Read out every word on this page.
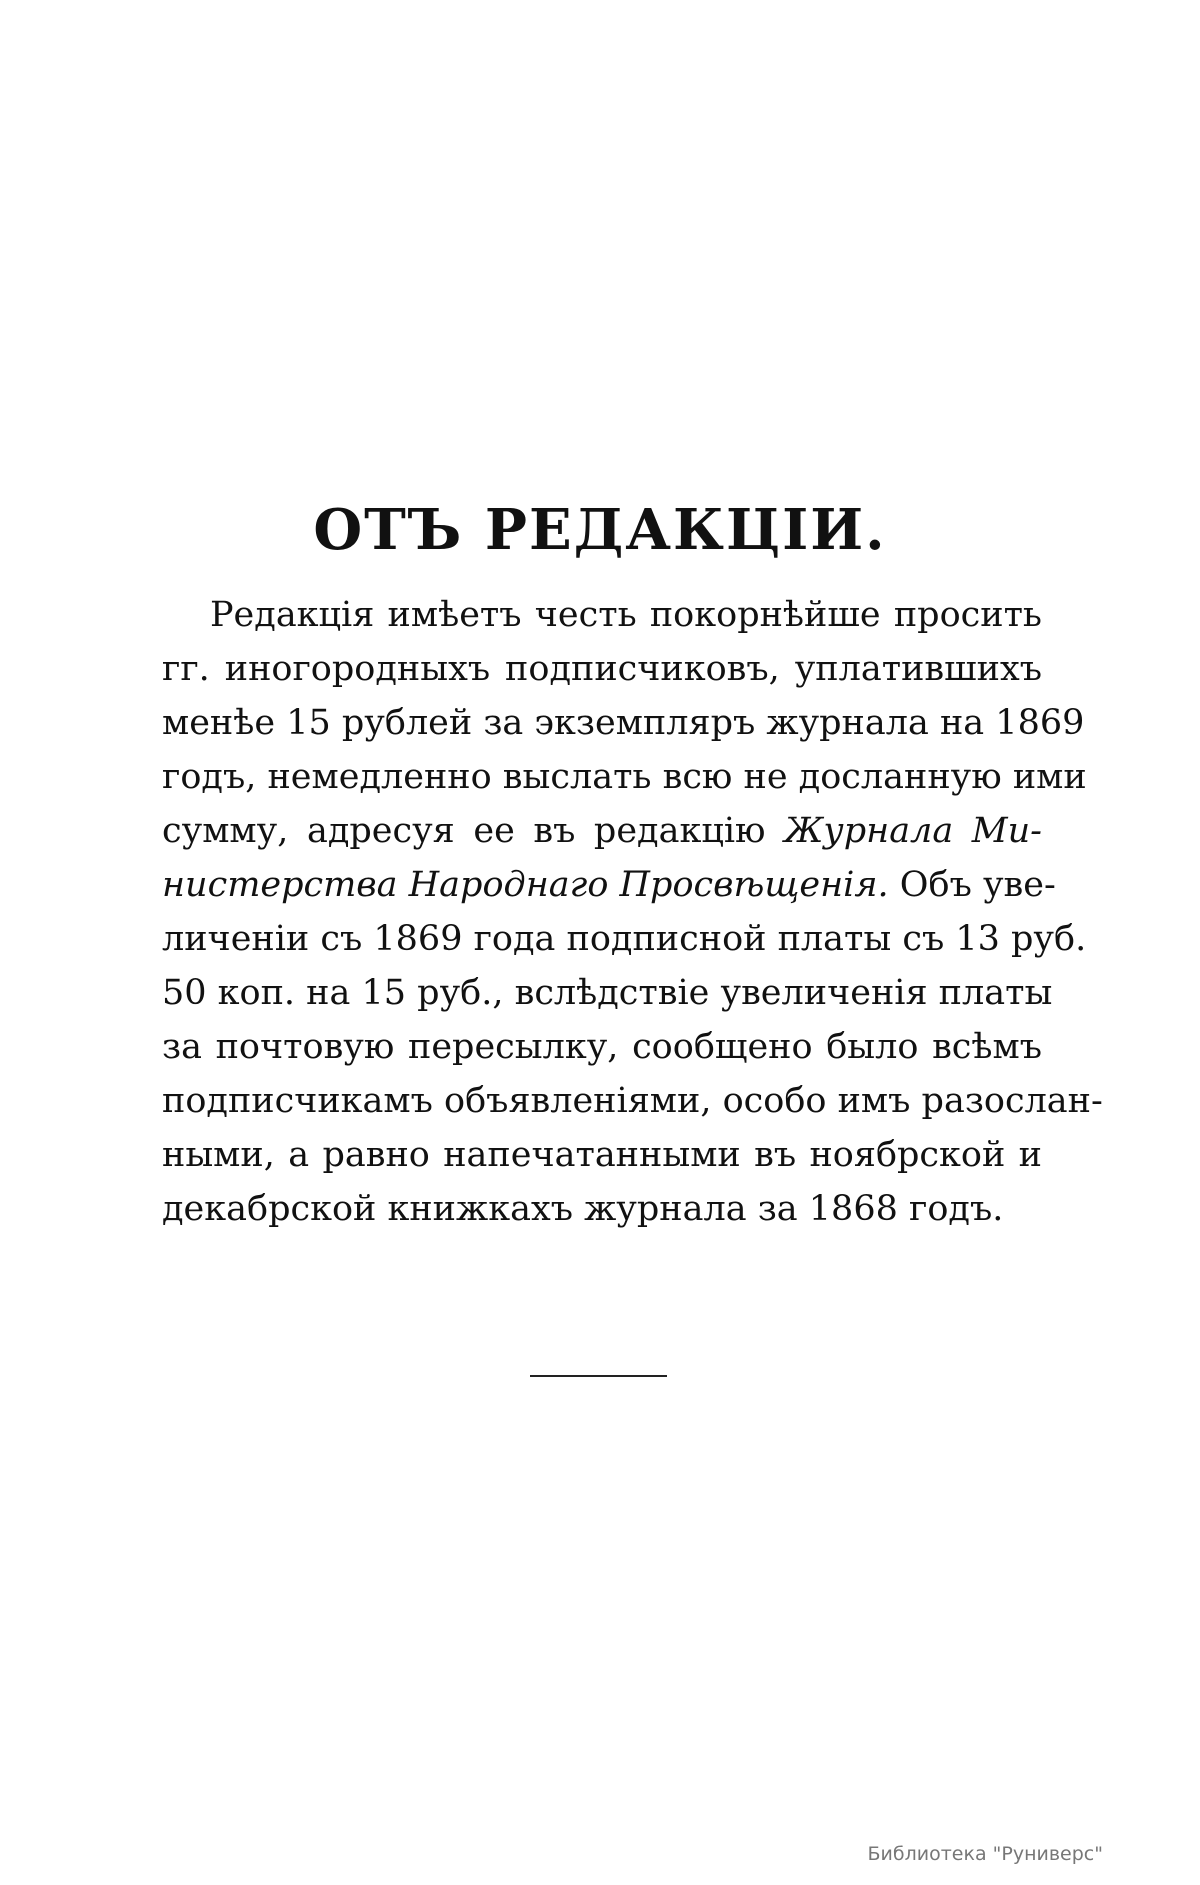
ОТЪ РЕДАКЦІИ.
Редакція имѣетъ честь покорнѣйше просить
гг. иногородныхъ подписчиковъ, уплатившихъ
менѣе 15 рублей за экземпляръ журнала на 1869
годъ, немедленно выслать всю не досланную ими
сумму, адресуя ее въ редакцію Журнала Ми-
нистерства Народнаго Просвѣщенія. Объ уве-
личеніи съ 1869 года подписной платы съ 13 руб.
50 коп. на 15 руб., вслѣдствіе увеличенія платы
за почтовую пересылку, сообщено было всѣмъ
подписчикамъ объявленіями, особо имъ разослан-
ными, а равно напечатанными въ ноябрской и
декабрской книжкахъ журнала за 1868 годъ.

Библиотека "Руниверс"
